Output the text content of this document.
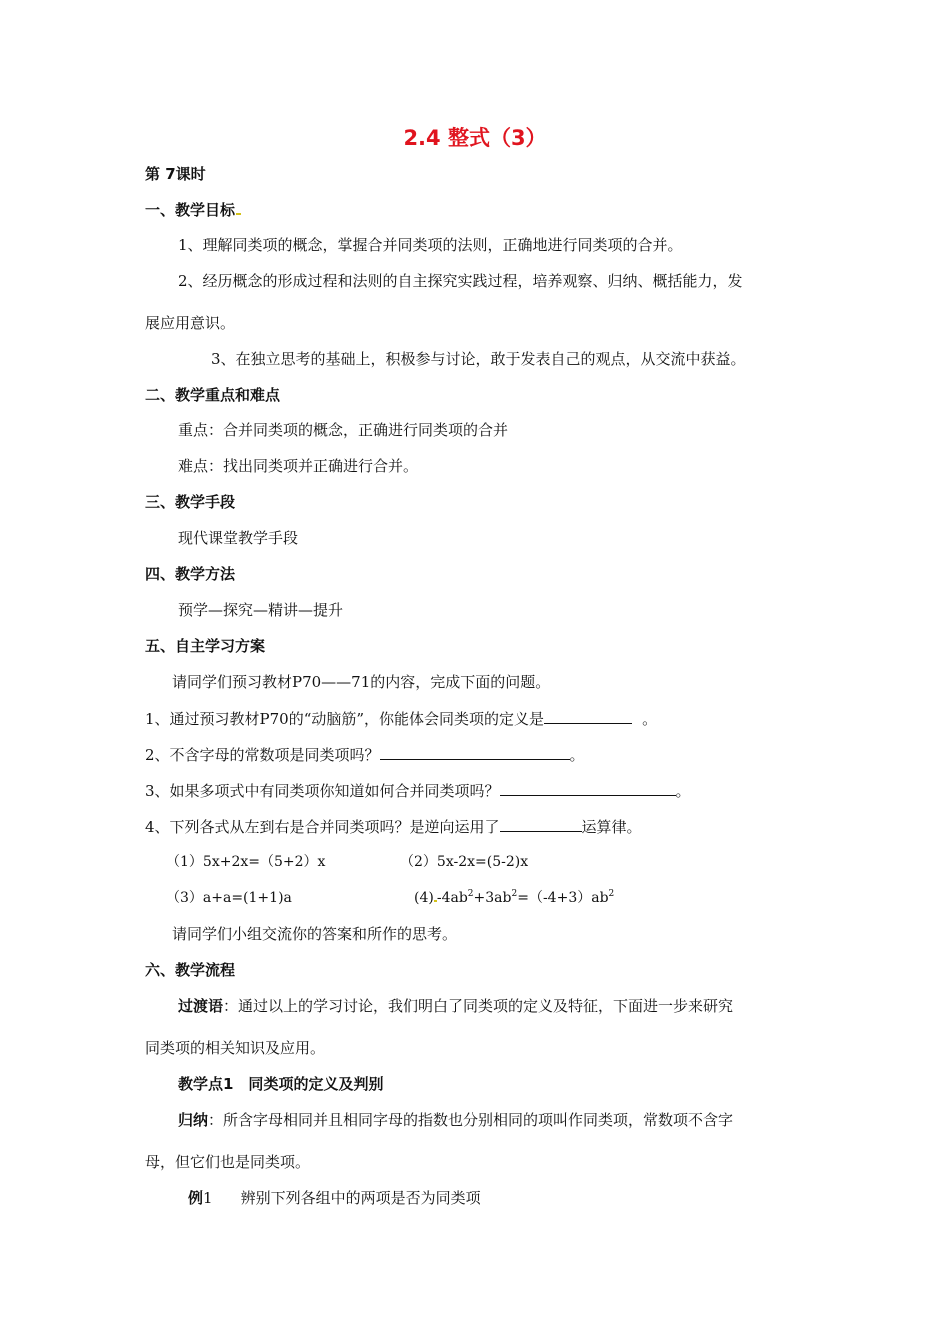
2.4 整式（3）
第 7课时
一、教学目标
1、理解同类项的概念，掌握合并同类项的法则，正确地进行同类项的合并。
2、经历概念的形成过程和法则的自主探究实践过程，培养观察、归纳、概括能力，发
展应用意识。
3、在独立思考的基础上，积极参与讨论，敢于发表自己的观点，从交流中获益。
二、教学重点和难点
重点：合并同类项的概念，正确进行同类项的合并
难点：找出同类项并正确进行合并。
三、教学手段
现代课堂教学手段
四、教学方法
预学—探究—精讲—提升
五、自主学习方案
请同学们预习教材P70——71的内容，完成下面的问题。
1、通过预习教材P70的“动脑筋”，你能体会同类项的定义是	。
2、不含字母的常数项是同类项吗？	。
3、如果多项式中有同类项你知道如何合并同类项吗？	。
4、下列各式从左到右是合并同类项吗？是逆向运用了	运算律。
（1）5x+2x=（5+2）x	（2）5x-2x=(5-2)x
（3）a+a=(1+1)a	(4) $-4ab^2+3ab^2=(-4+3)ab^2$
请同学们小组交流你的答案和所作的思考。
六、教学流程
过渡语：通过以上的学习讨论，我们明白了同类项的定义及特征，下面进一步来研究
同类项的相关知识及应用。
教学点1　同类项的定义及判别
归纳：所含字母相同并且相同字母的指数也分别相同的项叫作同类项，常数项不含字
母，但它们也是同类项。
例1 辨别下列各组中的两项是否为同类项
